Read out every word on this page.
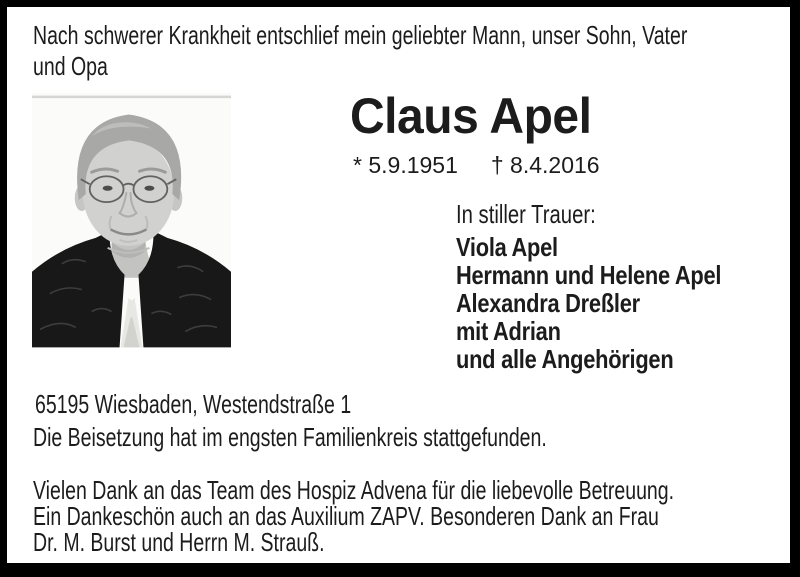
Nach schwerer Krankheit entschlief mein geliebter Mann, unser Sohn, Vater
und Opa
Claus Apel
* 5.9.1951 † 8.4.2016
In stiller Trauer:
Viola Apel
Hermann und Helene Apel
Alexandra Dreßler
mit Adrian
und alle Angehörigen
65195 Wiesbaden, Westendstraße 1
Die Beisetzung hat im engsten Familienkreis stattgefunden.
Vielen Dank an das Team des Hospiz Advena für die liebevolle Betreuung.
Ein Dankeschön auch an das Auxilium ZAPV. Besonderen Dank an Frau
Dr. M. Burst und Herrn M. Strauß.
